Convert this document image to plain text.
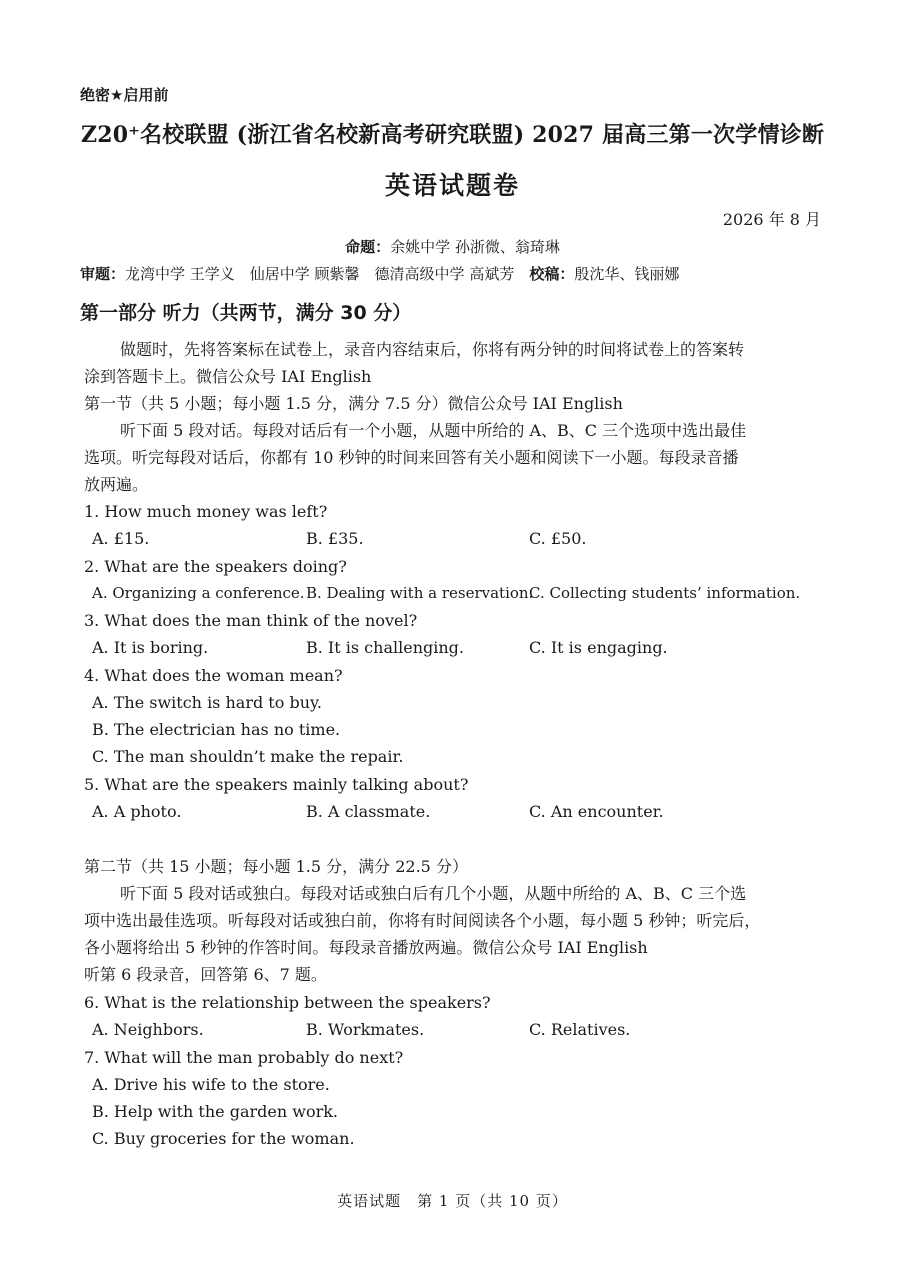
绝密★启用前
Z20⁺名校联盟 (浙江省名校新高考研究联盟) 2027 届高三第一次学情诊断
英语试题卷
2026 年 8 月
命题：余姚中学 孙浙微、翁琦琳
审题：龙湾中学 王学义　仙居中学 顾紫馨　德清高级中学 高斌芳　 校稿：殷沈华、钱丽娜
第一部分 听力（共两节，满分 30 分）
做题时，先将答案标在试卷上，录音内容结束后，你将有两分钟的时间将试卷上的答案转
涂到答题卡上。微信公众号 IAI English
第一节（共 5 小题；每小题 1.5 分，满分 7.5 分）微信公众号 IAI English
听下面 5 段对话。每段对话后有一个小题，从题中所给的 A、B、C 三个选项中选出最佳
选项。听完每段对话后，你都有 10 秒钟的时间来回答有关小题和阅读下一小题。每段录音播
放两遍。
1. How much money was left?
A. £15.	B. £35.	C. £50.
2. What are the speakers doing?
A. Organizing a conference. B. Dealing with a reservation.
C. Collecting students’ information.
3. What does the man think of the novel?
A. It is boring.	B. It is challenging.	C. It is engaging.
4. What does the woman mean?
A. The switch is hard to buy.
B. The electrician has no time.
C. The man shouldn’t make the repair.
5. What are the speakers mainly talking about?
A. A photo.	B. A classmate.	C. An encounter.
第二节（共 15 小题；每小题 1.5 分，满分 22.5 分）
听下面 5 段对话或独白。每段对话或独白后有几个小题，从题中所给的 A、B、C 三个选
项中选出最佳选项。听每段对话或独白前，你将有时间阅读各个小题，每小题 5 秒钟；听完后，
各小题将给出 5 秒钟的作答时间。每段录音播放两遍。微信公众号 IAI English
听第 6 段录音，回答第 6、7 题。
6. What is the relationship between the speakers?
A. Neighbors.	B. Workmates.	C. Relatives.
7. What will the man probably do next?
A. Drive his wife to the store.
B. Help with the garden work.
C. Buy groceries for the woman.
英语试题　第 1 页（共 10 页）
